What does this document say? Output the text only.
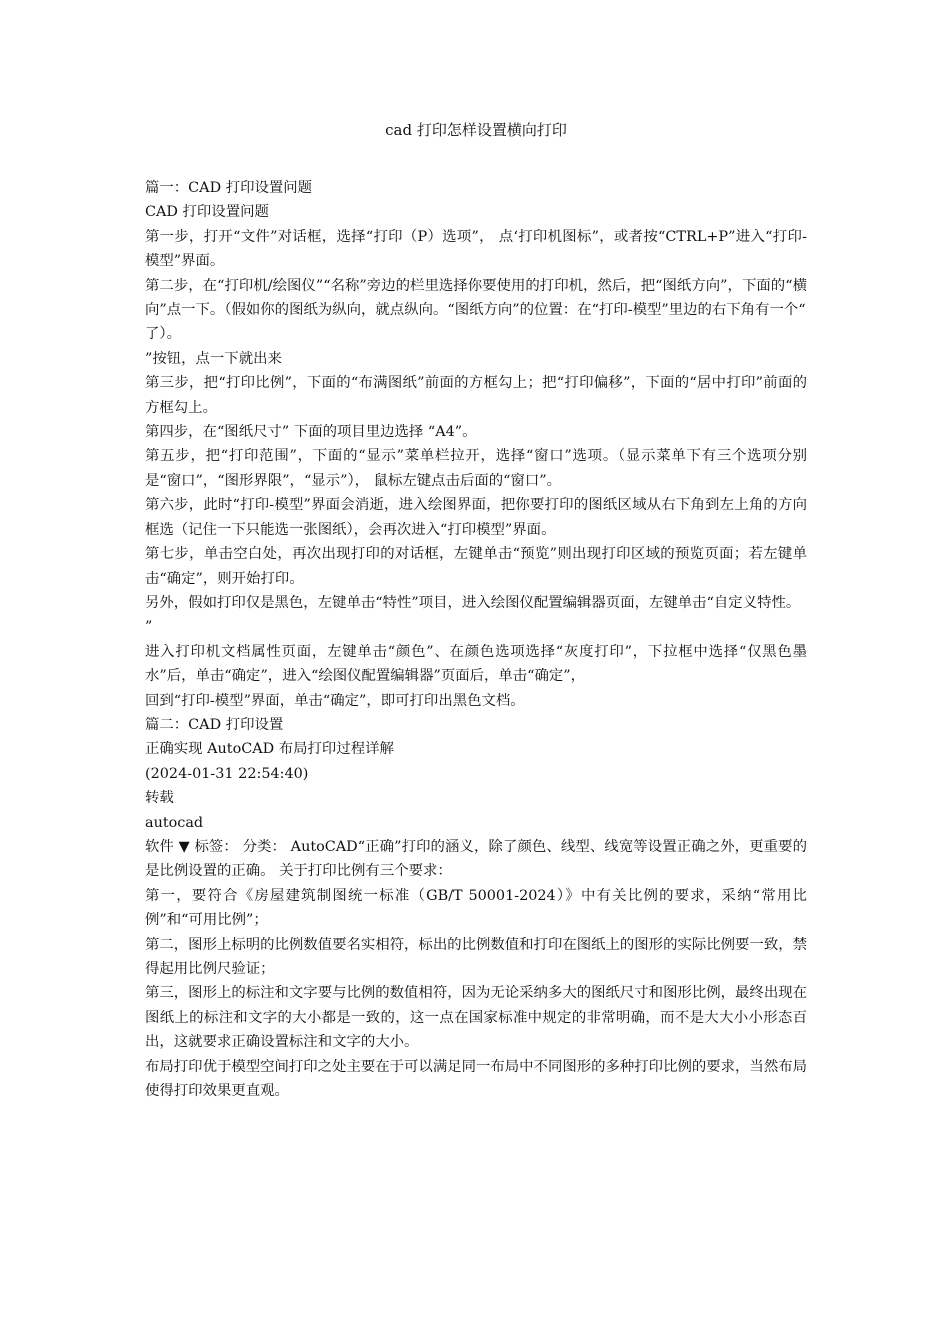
cad 打印怎样设置横向打印

篇一：CAD 打印设置问题

CAD 打印设置问题

第一步，打开“文件”对话框，选择“打印（P）选项”， 点‘打印机图标”，或者按“CTRL+P”进入“打印-模型”界面。

第二步，在“打印机/绘图仪”“名称”旁边的栏里选择你要使用的打印机，然后，把“图纸方向”，下面的“横向”点一下。（假如你的图纸为纵向，就点纵向。“图纸方向”的位置：在“打印-模型”里边的右下角有一个“

了）。

”按钮，点一下就出来

第三步，把“打印比例”，下面的“布满图纸”前面的方框勾上；把“打印偏移”，下面的“居中打印”前面的方框勾上。

第四步，在“图纸尺寸” 下面的项目里边选择 “A4”。

第五步，把“打印范围”，下面的“显示”菜单栏拉开，选择“窗口”选项。（显示菜单下有三个选项分别是“窗口”，“图形界限”，“显示”）， 鼠标左键点击后面的“窗口”。

第六步，此时“打印-模型”界面会消逝，进入绘图界面，把你要打印的图纸区域从右下角到左上角的方向框选（记住一下只能选一张图纸），会再次进入“打印模型”界面。

第七步，单击空白处，再次出现打印的对话框，左键单击“预览”则出现打印区域的预览页面；若左键单击“确定”，则开始打印。

另外，假如打印仅是黑色，左键单击“特性”项目，进入绘图仪配置编辑器页面，左键单击“自定义特性。

”

进入打印机文档属性页面，左键单击“颜色”、在颜色选项选择“灰度打印”，下拉框中选择“仅黑色墨水”后，单击“确定”，进入“绘图仪配置编辑器”页面后，单击“确定”，

回到“打印-模型”界面，单击“确定”，即可打印出黑色文档。

篇二：CAD 打印设置

正确实现 AutoCAD 布局打印过程详解

(2024-01-31 22:54:40)

转载

autocad

软件 ▼ 标签： 分类： AutoCAD“正确”打印的涵义，除了颜色、线型、线宽等设置正确之外，更重要的是比例设置的正确。 关于打印比例有三个要求：

第一，要符合《房屋建筑制图统一标准（GB/T 50001-2024）》中有关比例的要求，采纳“常用比例”和“可用比例”；

第二，图形上标明的比例数值要名实相符，标出的比例数值和打印在图纸上的图形的实际比例要一致，禁得起用比例尺验证；

第三，图形上的标注和文字要与比例的数值相符，因为无论采纳多大的图纸尺寸和图形比例，最终出现在图纸上的标注和文字的大小都是一致的，这一点在国家标准中规定的非常明确，而不是大大小小形态百出，这就要求正确设置标注和文字的大小。

布局打印优于模型空间打印之处主要在于可以满足同一布局中不同图形的多种打印比例的要求，当然布局使得打印效果更直观。
